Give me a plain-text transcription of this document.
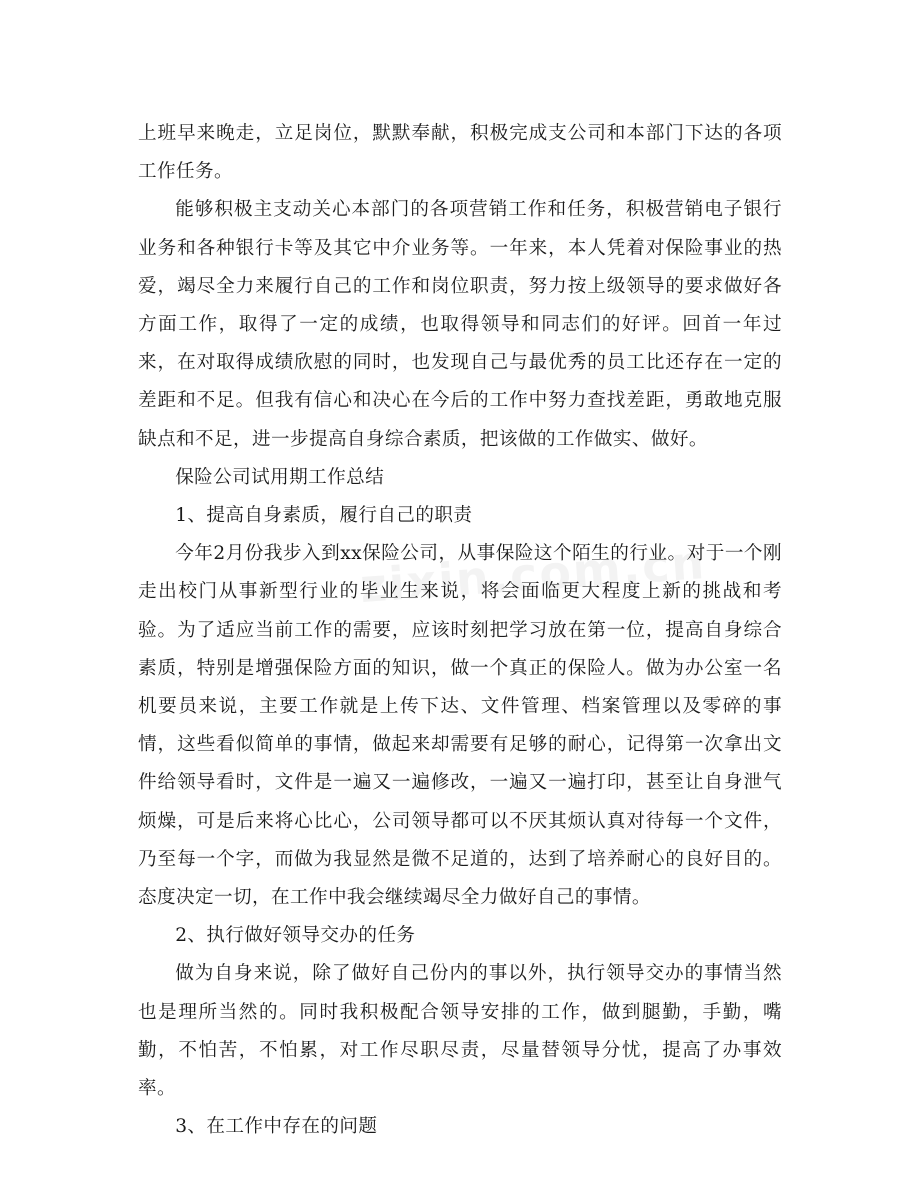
上班早来晚走，立足岗位，默默奉献，积极完成支公司和本部门下达的各项工作任务。

能够积极主支动关心本部门的各项营销工作和任务，积极营销电子银行业务和各种银行卡等及其它中介业务等。一年来，本人凭着对保险事业的热爱，竭尽全力来履行自己的工作和岗位职责，努力按上级领导的要求做好各方面工作，取得了一定的成绩，也取得领导和同志们的好评。回首一年过来，在对取得成绩欣慰的同时，也发现自己与最优秀的员工比还存在一定的差距和不足。但我有信心和决心在今后的工作中努力查找差距，勇敢地克服缺点和不足，进一步提高自身综合素质，把该做的工作做实、做好。

保险公司试用期工作总结

1、提高自身素质，履行自己的职责

今年2月份我步入到xx保险公司，从事保险这个陌生的行业。对于一个刚走出校门从事新型行业的毕业生来说，将会面临更大程度上新的挑战和考验。为了适应当前工作的需要，应该时刻把学习放在第一位，提高自身综合素质，特别是增强保险方面的知识，做一个真正的保险人。做为办公室一名机要员来说，主要工作就是上传下达、文件管理、档案管理以及零碎的事情，这些看似简单的事情，做起来却需要有足够的耐心，记得第一次拿出文件给领导看时，文件是一遍又一遍修改，一遍又一遍打印，甚至让自身泄气烦燥，可是后来将心比心，公司领导都可以不厌其烦认真对待每一个文件，乃至每一个字，而做为我显然是微不足道的，达到了培养耐心的良好目的。态度决定一切，在工作中我会继续竭尽全力做好自己的事情。

2、执行做好领导交办的任务

做为自身来说，除了做好自己份内的事以外，执行领导交办的事情当然也是理所当然的。同时我积极配合领导安排的工作，做到腿勤，手勤，嘴勤，不怕苦，不怕累，对工作尽职尽责，尽量替领导分忧，提高了办事效率。

3、在工作中存在的问题
